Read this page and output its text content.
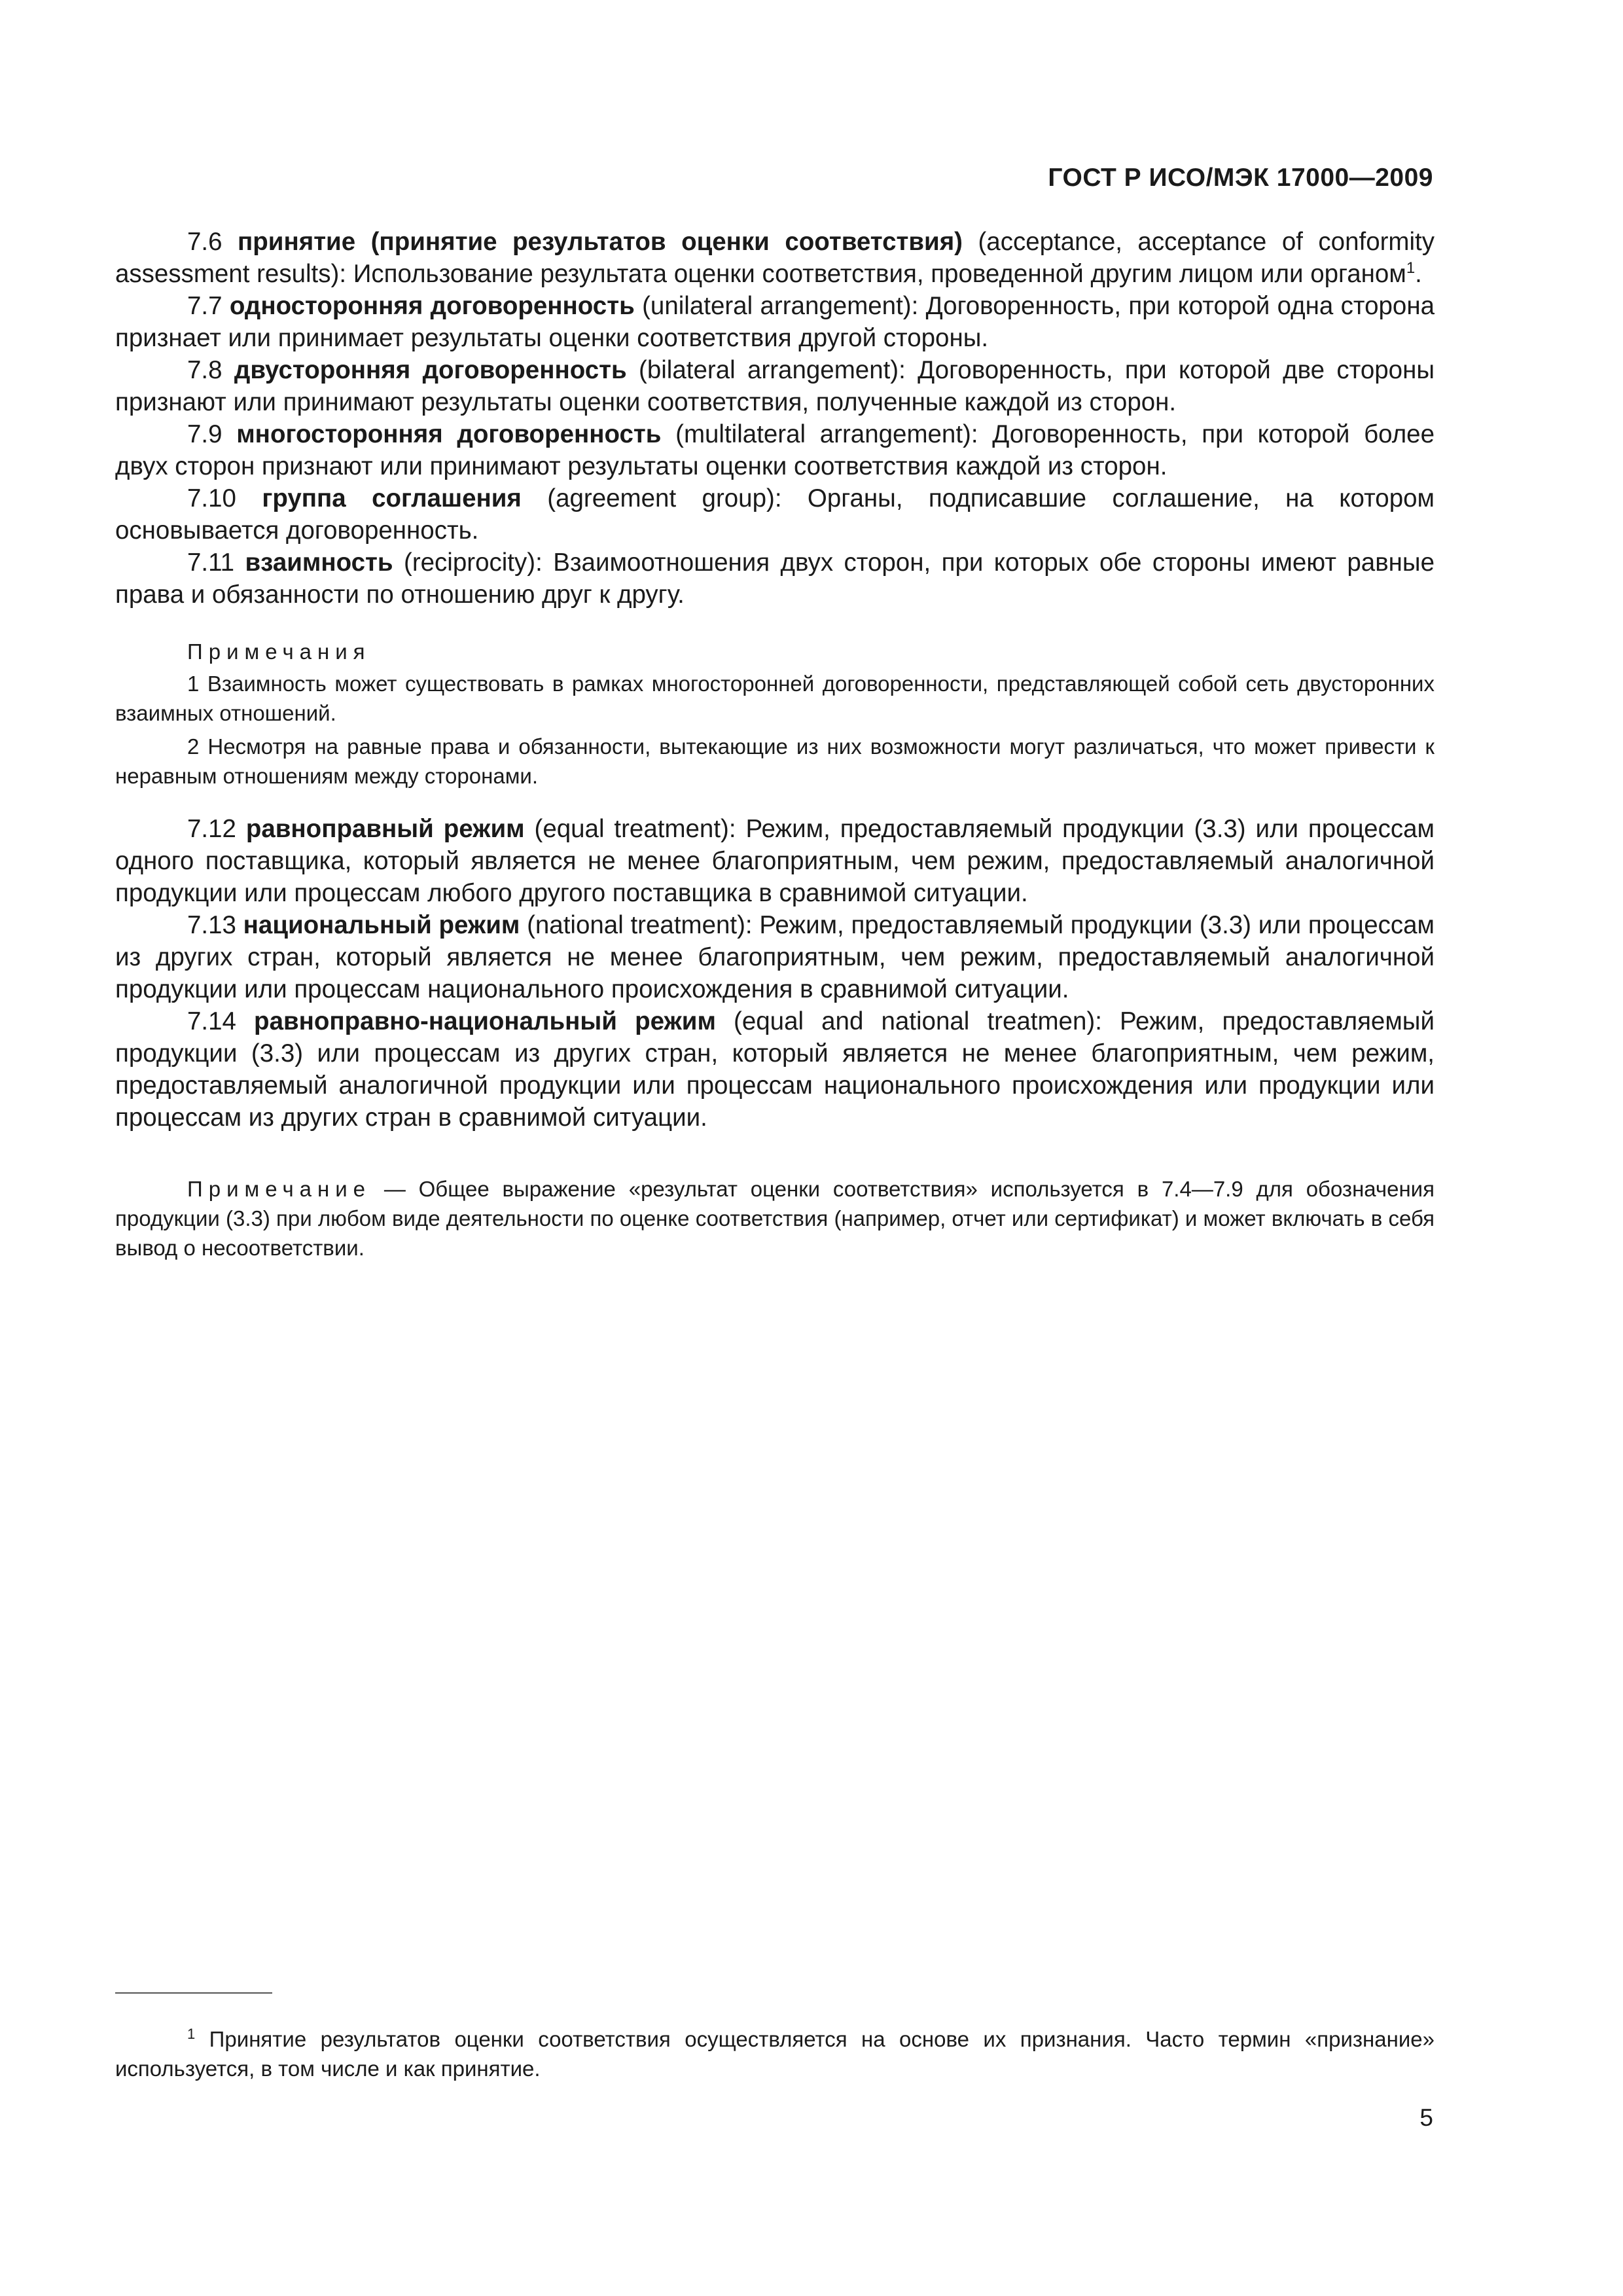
ГОСТ Р ИСО/МЭК 17000—2009

7.6 принятие (принятие результатов оценки соответствия) (acceptance, acceptance of conformity assessment results): Использование результата оценки соответствия, проведенной другим лицом или органом$^1$.

7.7 односторонняя договоренность (unilateral arrangement): Договоренность, при которой одна сторона признает или принимает результаты оценки соответствия другой стороны.

7.8 двусторонняя договоренность (bilateral arrangement): Договоренность, при которой две стороны признают или принимают результаты оценки соответствия, полученные каждой из сторон.

7.9 многосторонняя договоренность (multilateral arrangement): Договоренность, при которой более двух сторон признают или принимают результаты оценки соответствия каждой из сторон.

7.10 группа соглашения (agreement group): Органы, подписавшие соглашение, на котором основывается договоренность.

7.11 взаимность (reciprocity): Взаимоотношения двух сторон, при которых обе стороны имеют равные права и обязанности по отношению друг к другу.

Примечания

1 Взаимность может существовать в рамках многосторонней договоренности, представляющей собой сеть двусторонних взаимных отношений.

2 Несмотря на равные права и обязанности, вытекающие из них возможности могут различаться, что может привести к неравным отношениям между сторонами.

7.12 равноправный режим (equal treatment): Режим, предоставляемый продукции (3.3) или процессам одного поставщика, который является не менее благоприятным, чем режим, предоставляемый аналогичной продукции или процессам любого другого поставщика в сравнимой ситуации.

7.13 национальный режим (national treatment): Режим, предоставляемый продукции (3.3) или процессам из других стран, который является не менее благоприятным, чем режим, предоставляемый аналогичной продукции или процессам национального происхождения в сравнимой ситуации.

7.14 равноправно-национальный режим (equal and national treatmen): Режим, предоставляемый продукции (3.3) или процессам из других стран, который является не менее благоприятным, чем режим, предоставляемый аналогичной продукции или процессам национального происхождения или продукции или процессам из других стран в сравнимой ситуации.

Примечание — Общее выражение «результат оценки соответствия» используется в 7.4—7.9 для обозначения продукции (3.3) при любом виде деятельности по оценке соответствия (например, отчет или сертификат) и может включать в себя вывод о несоответствии.

$^1$ Принятие результатов оценки соответствия осуществляется на основе их признания. Часто термин «признание» используется, в том числе и как принятие.

5
